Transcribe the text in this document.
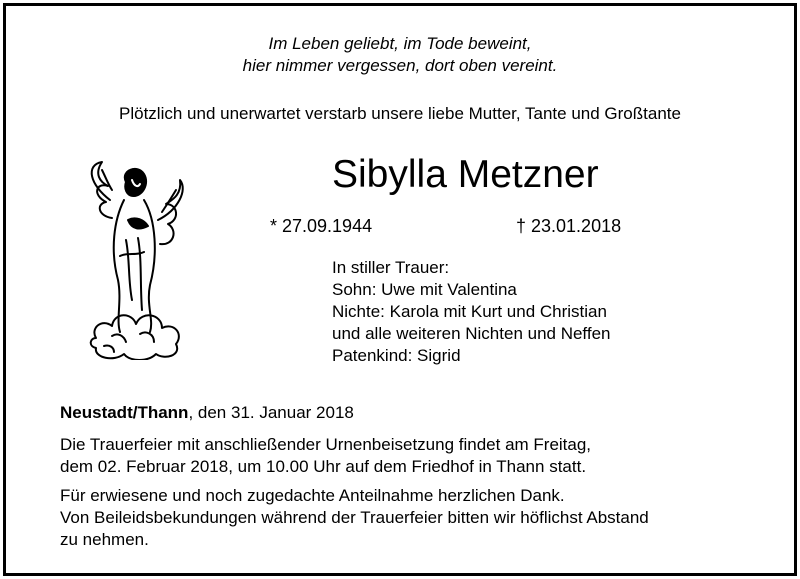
Im Leben geliebt, im Tode beweint,
hier nimmer vergessen, dort oben vereint.
Plötzlich und unerwartet verstarb unsere liebe Mutter, Tante und Großtante
Sibylla Metzner
* 27.09.1944	† 23.01.2018
In stiller Trauer:
Sohn: Uwe mit Valentina
Nichte: Karola mit Kurt und Christian
und alle weiteren Nichten und Neffen
Patenkind: Sigrid
Neustadt/Thann, den 31. Januar 2018
Die Trauerfeier mit anschließender Urnenbeisetzung findet am Freitag,
dem 02. Februar 2018, um 10.00 Uhr auf dem Friedhof in Thann statt.
Für erwiesene und noch zugedachte Anteilnahme herzlichen Dank.
Von Beileidsbekundungen während der Trauerfeier bitten wir höflichst Abstand
zu nehmen.
